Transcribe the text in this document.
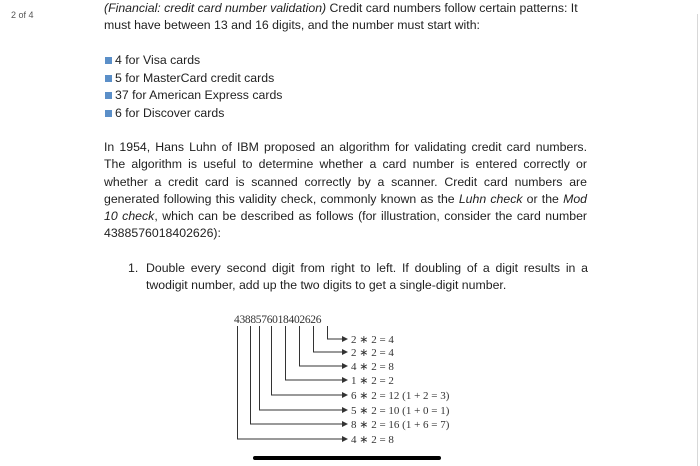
2 of 4	(Financial: credit card number validation) Credit card numbers follow certain patterns: It must have between 13 and 16 digits, and the number must start with:
4 for Visa cards
5 for MasterCard credit cards
37 for American Express cards
6 for Discover cards
In 1954, Hans Luhn of IBM proposed an algorithm for validating credit card numbers. The algorithm is useful to determine whether a card number is entered correctly or whether a credit card is scanned correctly by a scanner. Credit card numbers are generated following this validity check, commonly known as the Luhn check or the Mod 10 check, which can be described as follows (for illustration, consider the card number 4388576018402626):
1. Double every second digit from right to left. If doubling of a digit results in a twodigit number, add up the two digits to get a single-digit number.
4388576018402626
2 ∗ 2 = 4
2 ∗ 2 = 4
4 ∗ 2 = 8
1 ∗ 2 = 2
6 ∗ 2 = 12 (1 + 2 = 3)
5 ∗ 2 = 10 (1 + 0 = 1)
8 ∗ 2 = 16 (1 + 6 = 7)
4 ∗ 2 = 8
